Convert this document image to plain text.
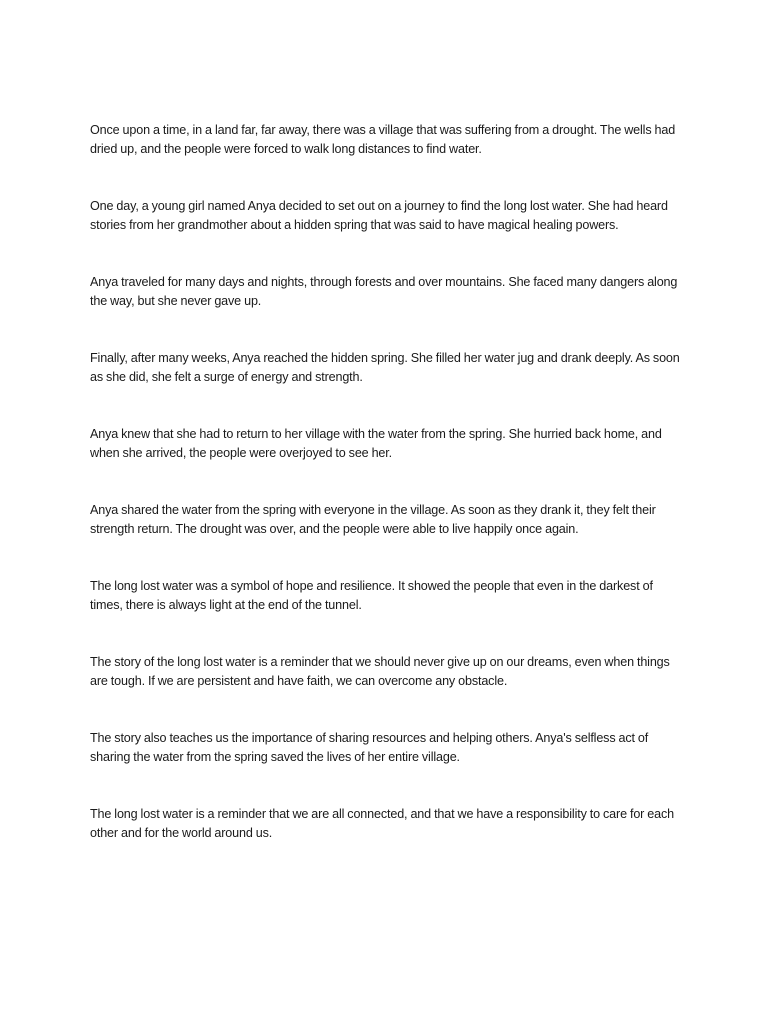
Once upon a time, in a land far, far away, there was a village that was suffering from a drought. The wells had dried up, and the people were forced to walk long distances to find water.

One day, a young girl named Anya decided to set out on a journey to find the long lost water. She had heard stories from her grandmother about a hidden spring that was said to have magical healing powers.

Anya traveled for many days and nights, through forests and over mountains. She faced many dangers along the way, but she never gave up.

Finally, after many weeks, Anya reached the hidden spring. She filled her water jug and drank deeply. As soon as she did, she felt a surge of energy and strength.

Anya knew that she had to return to her village with the water from the spring. She hurried back home, and when she arrived, the people were overjoyed to see her.

Anya shared the water from the spring with everyone in the village. As soon as they drank it, they felt their strength return. The drought was over, and the people were able to live happily once again.

The long lost water was a symbol of hope and resilience. It showed the people that even in the darkest of times, there is always light at the end of the tunnel.

The story of the long lost water is a reminder that we should never give up on our dreams, even when things are tough. If we are persistent and have faith, we can overcome any obstacle.

The story also teaches us the importance of sharing resources and helping others. Anya's selfless act of sharing the water from the spring saved the lives of her entire village.

The long lost water is a reminder that we are all connected, and that we have a responsibility to care for each other and for the world around us.
